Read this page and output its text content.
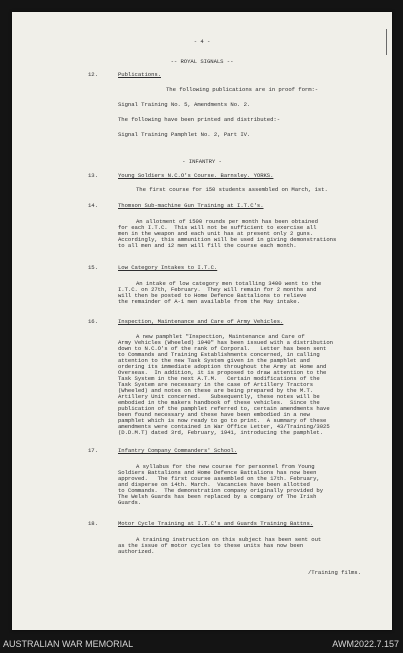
- 4 -
-- ROYAL SIGNALS --
12.	Publications.
The following publications are in proof form:-
Signal Training No. 5, Amendments No. 2.
The following have been printed and distributed:-
Signal Training Pamphlet No. 2, Part IV.
- INFANTRY -
13.	Young Soldiers N.C.O's Course. Barnsley. YORKS.
The first course for 150 students assembled on March, 1st.
14.	Thomson Sub-machine Gun Training at I.T.C's.
An allotment of 1500 rounds per month has been obtained
for each I.T.C.  This will not be sufficient to exercise all
men in the weapon and each unit has at present only 2 guns.
Accordingly, this ammunition will be used in giving demonstrations
to all men and 12 men will fill the course each month.
15.	Low Category Intakes to I.T.C.
An intake of low category men totalling 3400 went to the
I.T.C. on 27th, February.  They will remain for 2 months and
will then be posted to Home Defence Battalions to relieve
the remainder of A-1 men available from the May intake.
16.	Inspection, Maintenance and Care of Army Vehicles.
A new pamphlet "Inspection, Maintenance and Care of
Army Vehicles (Wheeled) 1940" has been issued with a distribution
down to N.C.O's of the rank of Corporal.   Letter has been sent
to Commands and Training Establishments concerned, in calling
attention to the new Task System given in the pamphlet and
ordering its immediate adoption throughout the Army at Home and
Overseas.  In addition, it is proposed to draw attention to the
Task System in the next A.T.M.   Certain modifications of the
Task System are necessary in the case of Artillery Tractors
(Wheeled) and notes on these are being prepared by the M.T.
Artillery Unit concerned.   Subsequently, these notes will be
embodied in the makers handbook of these vehicles.  Since the
publication of the pamphlet referred to, certain amendments have
been found necessary and these have been embodied in a new
pamphlet which is now ready to go to print.  A summary of these
amendments were contained in War Office Letter, 43/Training/3025
(D.D.M.T) dated 3rd, February, 1941, introducing the pamphlet.
17.	Infantry Company Commanders' School.
A syllabus for the new course for personnel from Young
Soldiers Battalions and Home Defence Battalions has now been
approved.   The first course assembled on the 17th. February,
and disperse on 14th. March.  Vacancies have been allotted
to Commands.  The demonstration company originally provided by
The Welsh Guards has been replaced by a company of The Irish
Guards.
18.	Motor Cycle Training at I.T.C's and Guards Training Battns.
A training instruction on this subject has been sent out
as the issue of motor cycles to these units has now been
authorized.
/Training films.
AUSTRALIAN WAR MEMORIAL	AWM2022.7.157
